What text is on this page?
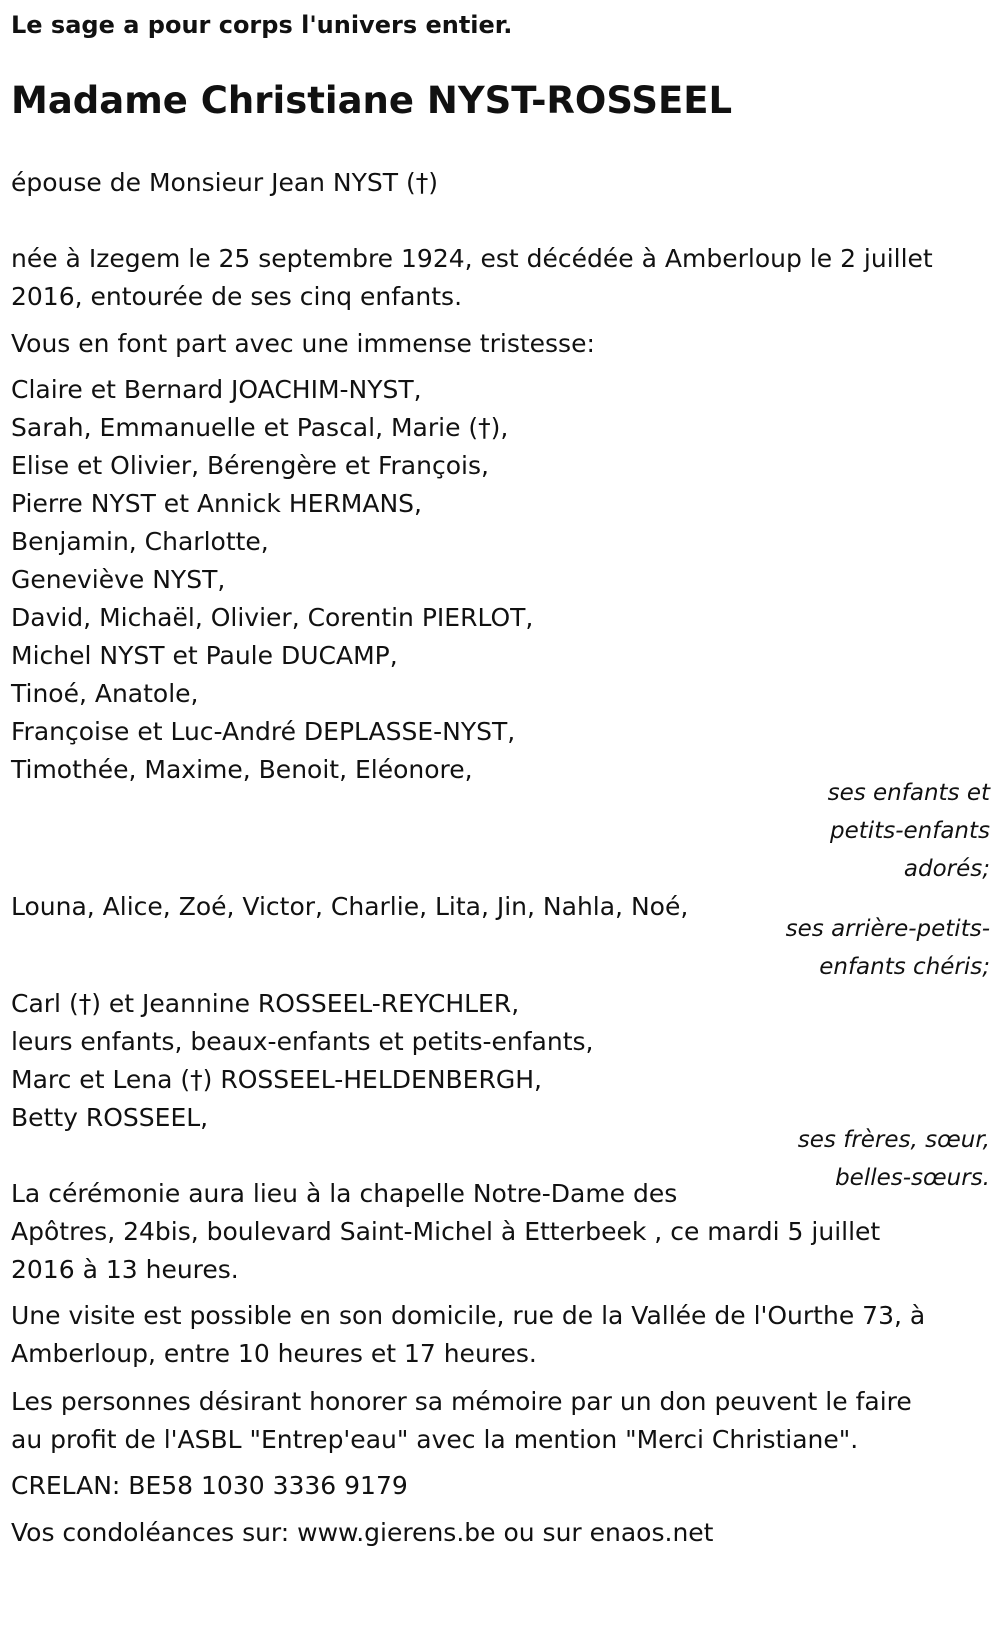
Le sage a pour corps l'univers entier.
Madame Christiane NYST-ROSSEEL
épouse de Monsieur Jean NYST (†)
née à Izegem le 25 septembre 1924, est décédée à Amberloup le 2 juillet
2016, entourée de ses cinq enfants.
Vous en font part avec une immense tristesse:
Claire et Bernard JOACHIM-NYST,
Sarah, Emmanuelle et Pascal, Marie (†),
Elise et Olivier, Bérengère et François,
Pierre NYST et Annick HERMANS,
Benjamin, Charlotte,
Geneviève NYST,
David, Michaël, Olivier, Corentin PIERLOT,
Michel NYST et Paule DUCAMP,
Tinoé, Anatole,
Françoise et Luc-André DEPLASSE-NYST,
Timothée, Maxime, Benoit, Eléonore,
ses enfants et
petits-enfants
adorés;
Louna, Alice, Zoé, Victor, Charlie, Lita, Jin, Nahla, Noé,
ses arrière-petits-
enfants chéris;
Carl (†) et Jeannine ROSSEEL-REYCHLER,
leurs enfants, beaux-enfants et petits-enfants,
Marc et Lena (†) ROSSEEL-HELDENBERGH,
Betty ROSSEEL,
ses frères, sœur,
belles-sœurs.
La cérémonie aura lieu à la chapelle Notre-Dame des
Apôtres, 24bis, boulevard Saint-Michel à Etterbeek , ce mardi 5 juillet
2016 à 13 heures.
Une visite est possible en son domicile, rue de la Vallée de l'Ourthe 73, à
Amberloup, entre 10 heures et 17 heures.
Les personnes désirant honorer sa mémoire par un don peuvent le faire
au profit de l'ASBL "Entrep'eau" avec la mention "Merci Christiane".
CRELAN: BE58 1030 3336 9179
Vos condoléances sur: www.gierens.be ou sur enaos.net
